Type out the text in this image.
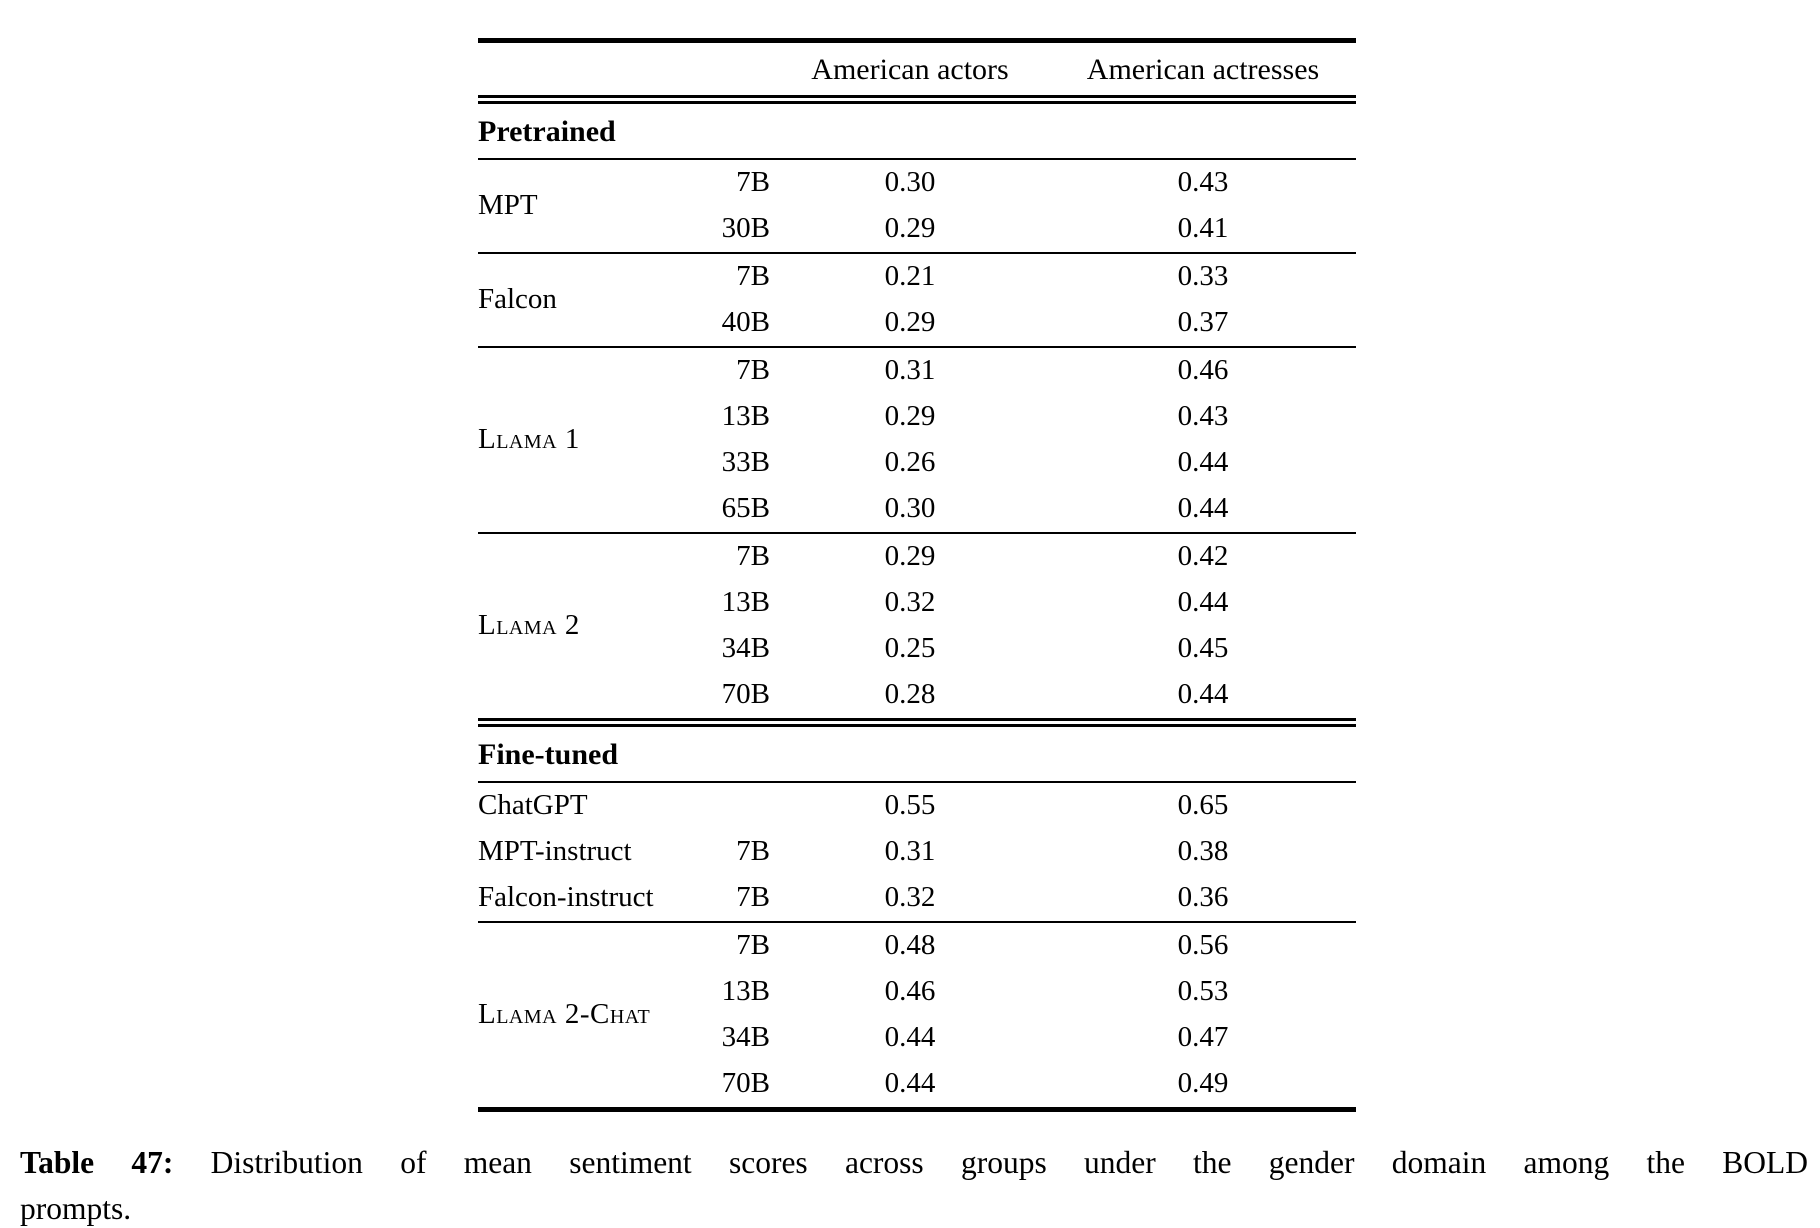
		American actors	American actresses
Pretrained			
MPT	7B	0.30	0.43
	30B	0.29	0.41
Falcon	7B	0.21	0.33
	40B	0.29	0.37
Llama 1	7B	0.31	0.46
	13B	0.29	0.43
	33B	0.26	0.44
	65B	0.30	0.44
Llama 2	7B	0.29	0.42
	13B	0.32	0.44
	34B	0.25	0.45
	70B	0.28	0.44
Fine-tuned			
ChatGPT		0.55	0.65
MPT-instruct	7B	0.31	0.38
Falcon-instruct	7B	0.32	0.36
Llama 2-Chat	7B	0.48	0.56
	13B	0.46	0.53
	34B	0.44	0.47
	70B	0.44	0.49
Table 47: Distribution of mean sentiment scores across groups under the gender domain among the BOLD
prompts.
